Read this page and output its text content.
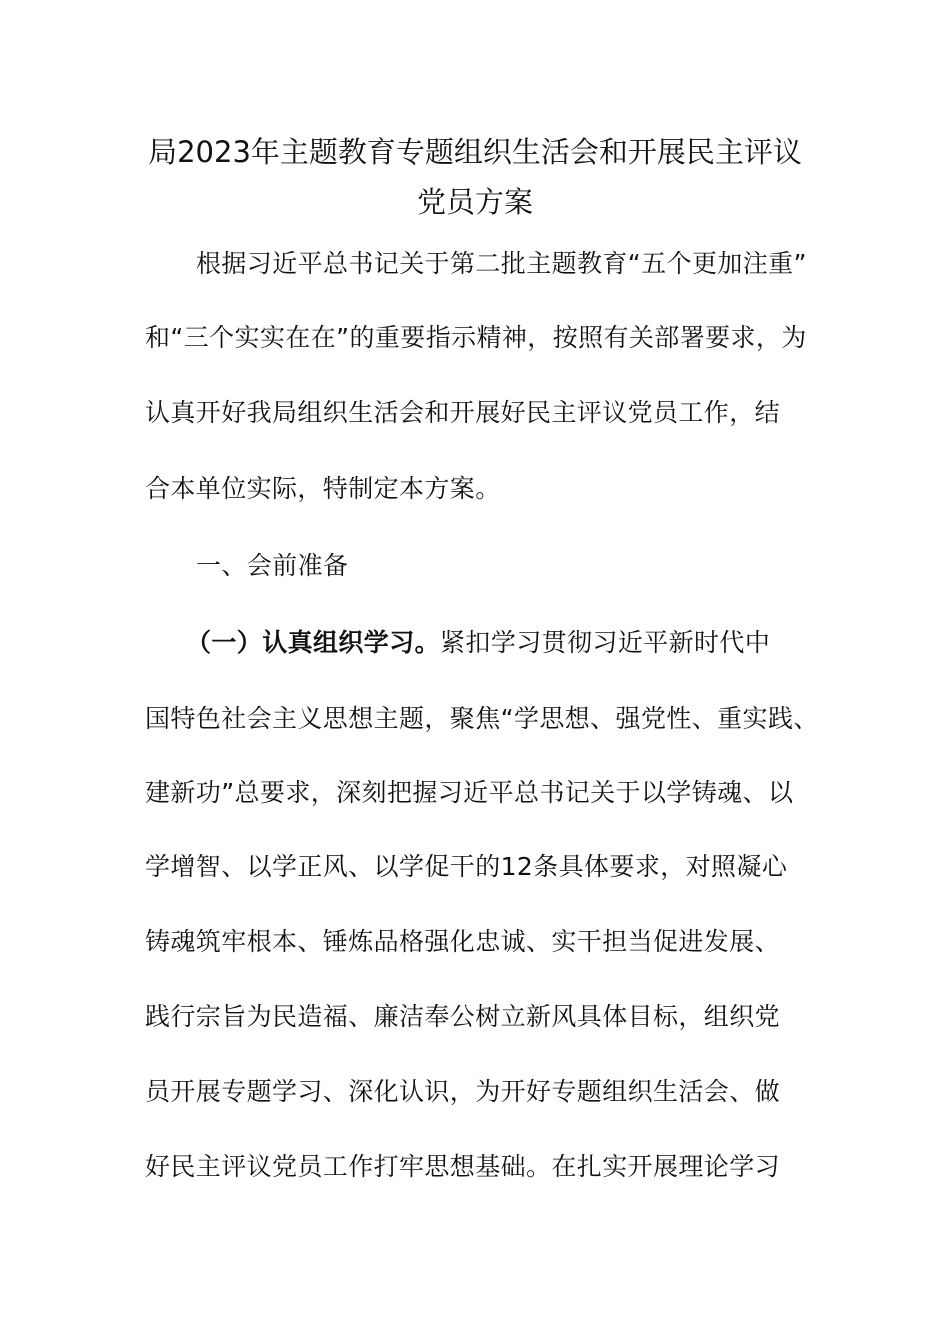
局2023年主题教育专题组织生活会和开展民主评议
党员方案
根据习近平总书记关于第二批主题教育“五个更加注重”
和“三个实实在在”的重要指示精神，按照有关部署要求，为
认真开好我局组织生活会和开展好民主评议党员工作，结
合本单位实际，特制定本方案。
一、会前准备
（一）认真组织学习。紧扣学习贯彻习近平新时代中
国特色社会主义思想主题，聚焦“学思想、强党性、重实践、
建新功”总要求，深刻把握习近平总书记关于以学铸魂、以
学增智、以学正风、以学促干的12条具体要求，对照凝心
铸魂筑牢根本、锤炼品格强化忠诚、实干担当促进发展、
践行宗旨为民造福、廉洁奉公树立新风具体目标，组织党
员开展专题学习、深化认识，为开好专题组织生活会、做
好民主评议党员工作打牢思想基础。在扎实开展理论学习
